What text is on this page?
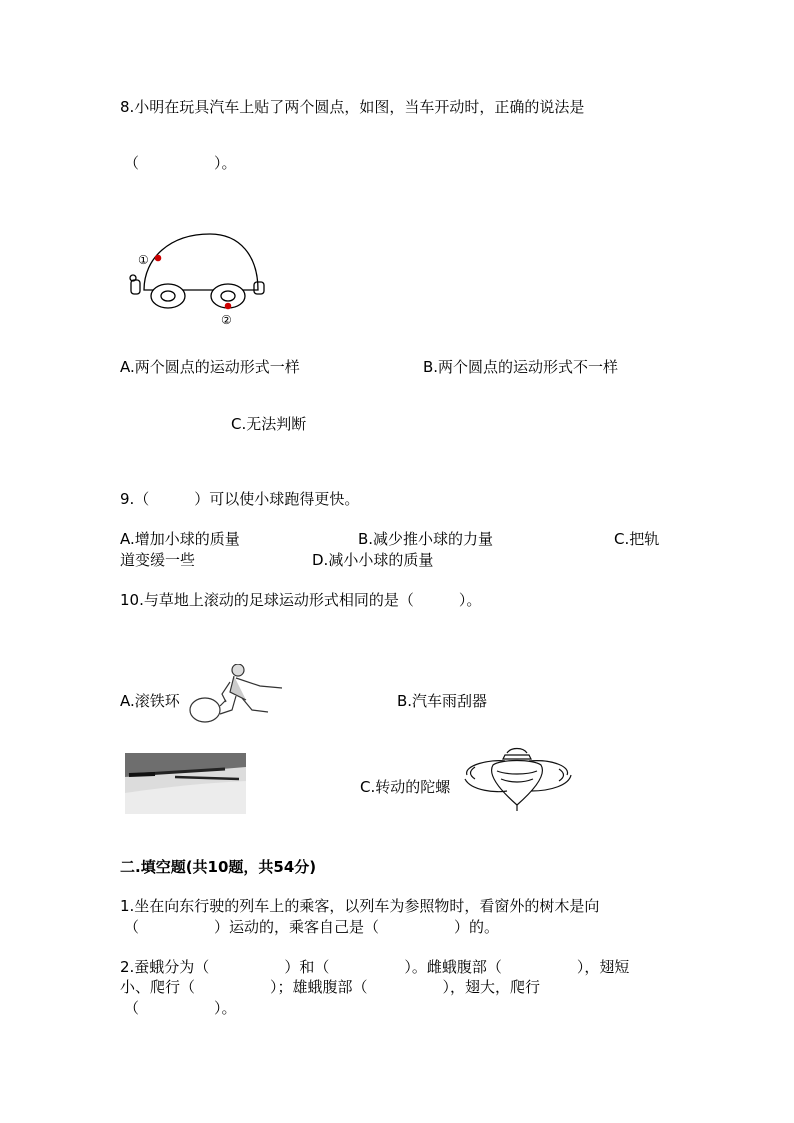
8.小明在玩具汽车上贴了两个圆点，如图，当车开动时，正确的说法是
（　　　　　）。
①
②
A.两个圆点的运动形式一样	B.两个圆点的运动形式不一样
C.无法判断
9.（　　　）可以使小球跑得更快。
A.增加小球的质量	B.减少推小球的力量	C.把轨
道变缓一些	D.减小小球的质量
10.与草地上滚动的足球运动形式相同的是（　　　）。
A.滚铁环	B.汽车雨刮器
C.转动的陀螺
二.填空题(共10题，共54分)
1.坐在向东行驶的列车上的乘客，以列车为参照物时，看窗外的树木是向
（　　　　　）运动的，乘客自己是（　　　　　）的。
2.蚕蛾分为（　　　　　）和（　　　　　）。雌蛾腹部（　　　　　），翅短
小、爬行（　　　　　）；雄蛾腹部（　　　　　），翅大，爬行
（　　　　　）。
